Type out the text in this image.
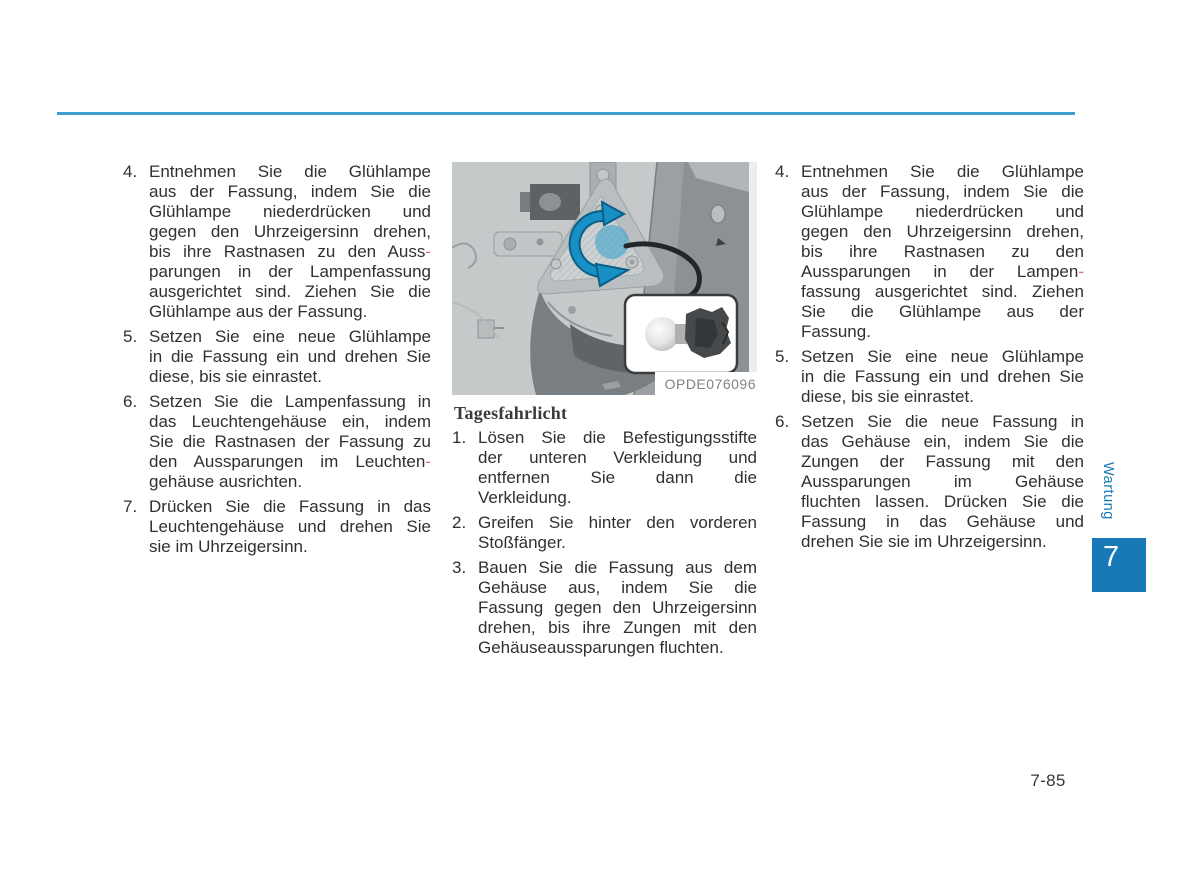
4. Entnehmen Sie die Glühlampe
aus der Fassung, indem Sie die
Glühlampe niederdrücken und
gegen den Uhrzeigersinn drehen,
bis ihre Rastnasen zu den Auss-
parungen in der Lampenfassung
ausgerichtet sind. Ziehen Sie die
Glühlampe aus der Fassung.
5. Setzen Sie eine neue Glühlampe
in die Fassung ein und drehen Sie
diese, bis sie einrastet.
6. Setzen Sie die Lampenfassung in
das Leuchtengehäuse ein, indem
Sie die Rastnasen der Fassung zu
den Aussparungen im Leuchten-
gehäuse ausrichten.
7. Drücken Sie die Fassung in das
Leuchtengehäuse und drehen Sie
sie im Uhrzeigersinn.
OPDE076096
Tagesfahrlicht
1. Lösen Sie die Befestigungsstifte
der unteren Verkleidung und
entfernen Sie dann die
Verkleidung.
2. Greifen Sie hinter den vorderen
Stoßfänger.
3. Bauen Sie die Fassung aus dem
Gehäuse aus, indem Sie die
Fassung gegen den Uhrzeigersinn
drehen, bis ihre Zungen mit den
Gehäuseaussparungen fluchten.
4. Entnehmen Sie die Glühlampe
aus der Fassung, indem Sie die
Glühlampe niederdrücken und
gegen den Uhrzeigersinn drehen,
bis ihre Rastnasen zu den
Aussparungen in der Lampen-
fassung ausgerichtet sind. Ziehen
Sie die Glühlampe aus der
Fassung.
5. Setzen Sie eine neue Glühlampe
in die Fassung ein und drehen Sie
diese, bis sie einrastet.
6. Setzen Sie die neue Fassung in
das Gehäuse ein, indem Sie die
Zungen der Fassung mit den
Aussparungen im Gehäuse
fluchten lassen. Drücken Sie die
Fassung in das Gehäuse und
drehen Sie sie im Uhrzeigersinn.
Wartung
7
7-85
